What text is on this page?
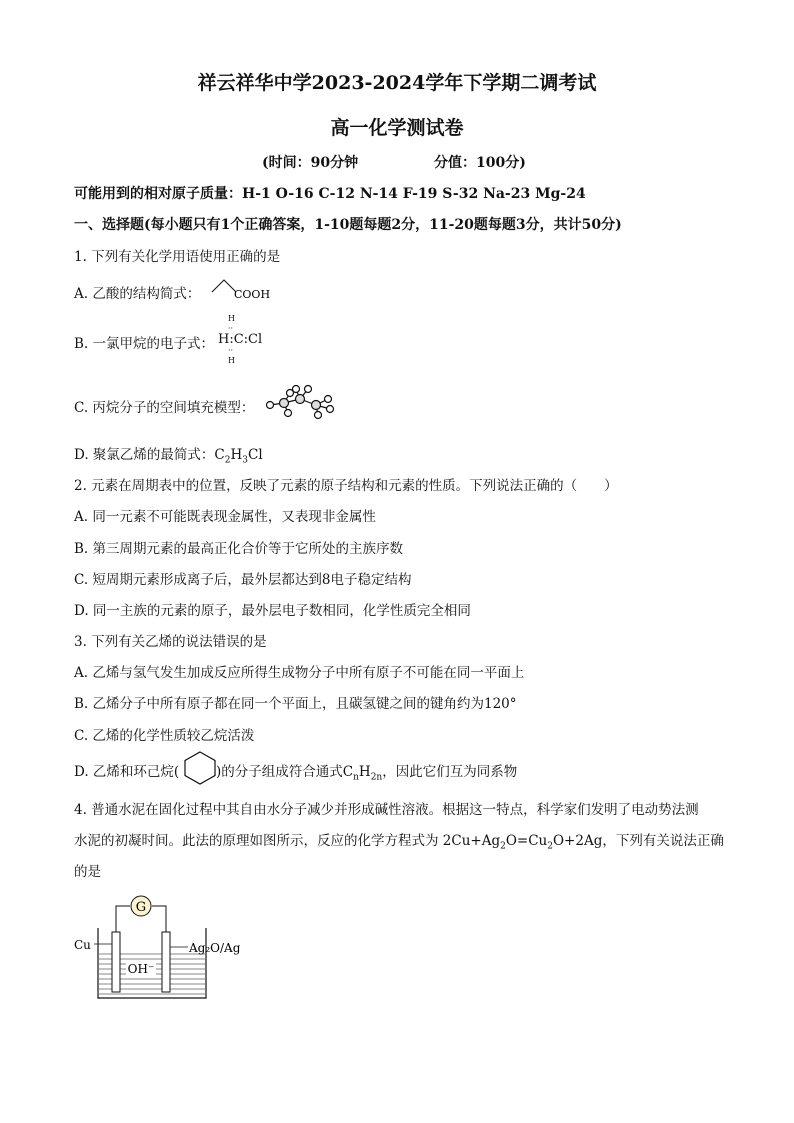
祥云祥华中学2023-2024学年下学期二调考试
高一化学测试卷
(时间：90分钟	分值：100分)
可能用到的相对原子质量：H-1 O-16 C-12 N-14 F-19 S-32 Na-23 Mg-24
一、选择题(每小题只有1个正确答案，1-10题每题2分，11-20题每题3分，共计50分)
1. 下列有关化学用语使用正确的是
A. 乙酸的结构简式：	COOH
B. 一氯甲烷的电子式：
H
··
H:C:Cl
··
H
C. 丙烷分子的空间填充模型：
D. 聚氯乙烯的最简式：$C_2H_3Cl$
2. 元素在周期表中的位置，反映了元素的原子结构和元素的性质。下列说法正确的（　　）
A. 同一元素不可能既表现金属性，又表现非金属性
B. 第三周期元素的最高正化合价等于它所处的主族序数
C. 短周期元素形成离子后，最外层都达到8电子稳定结构
D. 同一主族的元素的原子，最外层电子数相同，化学性质完全相同
3. 下列有关乙烯的说法错误的是
A. 乙烯与氢气发生加成反应所得生成物分子中所有原子不可能在同一平面上
B. 乙烯分子中所有原子都在同一个平面上，且碳氢键之间的键角约为120°
C. 乙烯的化学性质较乙烷活泼
D. 乙烯和环己烷(	)的分子组成符合通式$C_nH_{2n}$，因此它们互为同系物
4. 普通水泥在固化过程中其自由水分子减少并形成碱性溶液。根据这一特点，科学家们发明了电动势法测
水泥的初凝时间。此法的原理如图所示，反应的化学方程式为 $2Cu+Ag_2O=Cu_2O+2Ag$，下列有关说法正确
的是
G
OH⁻
Cu	Ag₂O/Ag
